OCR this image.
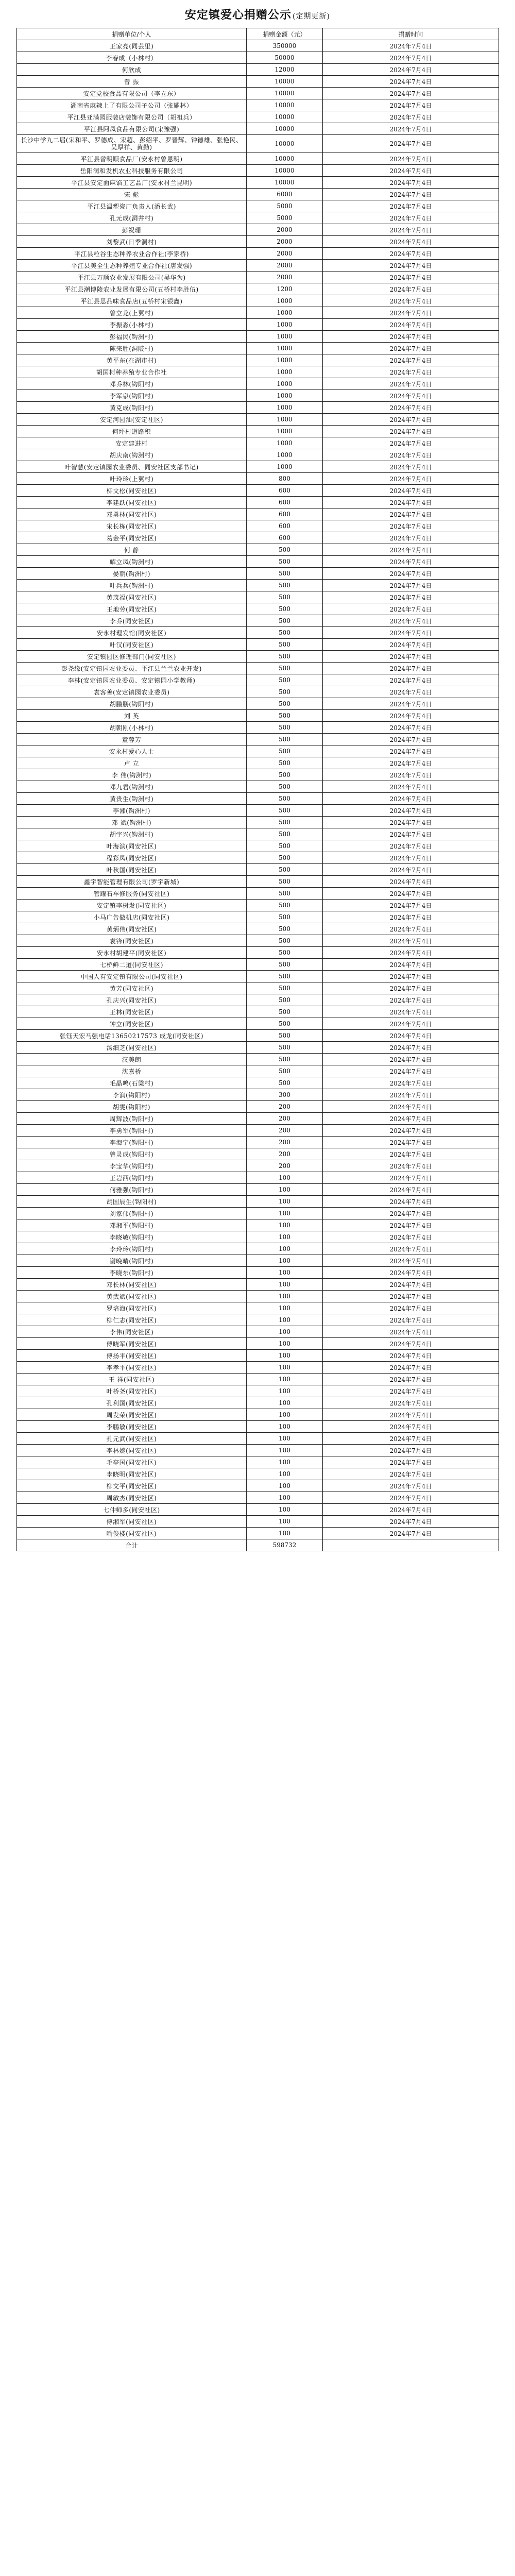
安定镇爱心捐赠公示 (定期更新)
捐赠单位/个人	捐赠金额（元）	捐赠时间
王家亮(同芸里)	350000	2024年7月4日
李春成（小林村）	50000	2024年7月4日
何欣成	12000	2024年7月4日
曾 振	10000	2024年7月4日
安定党校食品有限公司（李立东）	10000	2024年7月4日
湖南省麻辣上了有限公司子公司（张耀林）	10000	2024年7月4日
平江县亚满园服装店装饰有限公司（胡祖兵）	10000	2024年7月4日
平江县阿凤食品有限公司(宋豫强)	10000	2024年7月4日
长沙中学九二届(宋和平、罗德成、宋超、彭绍平、罗晋辉、钟德雄、张艳民、吴厚祥、黄勤)	10000	2024年7月4日
平江县曾明顺食品厂(安永村曾恩明)	10000	2024年7月4日
岳阳润和发机农业科技服务有限公司	10000	2024年7月4日
平江县安定面麻馅工艺品厂(安永村兰昆明)	10000	2024年7月4日
宋 彪	6000	2024年7月4日
平江县温塑瓷厂负责人(潘长武)	5000	2024年7月4日
孔元成(洞井村)	5000	2024年7月4日
彭祝珊	2000	2024年7月4日
刘黎武(日季洞村)	2000	2024年7月4日
平江县粒谷生态种养农业合作社(李家桥)	2000	2024年7月4日
平江县美全生态种养殖专业合作社(唐发强)	2000	2024年7月4日
平江县万顺农业发展有限公司(吴华为)	2000	2024年7月4日
平江县潮博陵农业发展有限公司(五桥村李胜伍)	1200	2024年7月4日
平江县思品味食品店(五桥村宋银鑫)	1000	2024年7月4日
曾立龙(上翼村)	1000	2024年7月4日
李振淼(小林村)	1000	2024年7月4日
彭福民(钩洲村)	1000	2024年7月4日
陈来胜(洞陂村)	1000	2024年7月4日
黄平东(在湖市村)	1000	2024年7月4日
胡国柯种养殖专业合作社	1000	2024年7月4日
邓乔林(钩阳村)	1000	2024年7月4日
李军泉(钩阳村)	1000	2024年7月4日
黄克成(钩阳村)	1000	2024年7月4日
安定河园油(安定社区)	1000	2024年7月4日
何坪村道路积	1000	2024年7月4日
安定建进村	1000	2024年7月4日
胡庆南(钩洲村)	1000	2024年7月4日
叶智慧(安定镇园农业委员、同安社区支部书记)	1000	2024年7月4日
叶玲玲(上翼村)	800	2024年7月4日
柳文松(同安社区)	600	2024年7月4日
李建跃(同安社区)	600	2024年7月4日
邓勇林(同安社区)	600	2024年7月4日
宋长栋(同安社区)	600	2024年7月4日
葛金平(同安社区)	600	2024年7月4日
何 静	500	2024年7月4日
解立凤(钩洲村)	500	2024年7月4日
晏朝(钩洲村)	500	2024年7月4日
叶兵兵(钩洲村)	500	2024年7月4日
黄茂福(同安社区)	500	2024年7月4日
王地劳(同安社区)	500	2024年7月4日
李乔(同安社区)	500	2024年7月4日
安永村理发馆(同安社区)	500	2024年7月4日
叶汉(同安社区)	500	2024年7月4日
安定镇园区修理部门(同安社区)	500	2024年7月4日
彭尧缘(安定镇园农业委员、平江县兰兰农业开发)	500	2024年7月4日
李林(安定镇园农业委员、安定镇园小学教师)	500	2024年7月4日
袁客善(安定镇园农业委员)	500	2024年7月4日
胡鹏鹏(钩阳村)	500	2024年7月4日
刘 英	500	2024年7月4日
胡朝刚(小林村)	500	2024年7月4日
童蓉芳	500	2024年7月4日
安永村爱心人士	500	2024年7月4日
卢 立	500	2024年7月4日
李 伟(钩洲村)	500	2024年7月4日
邓九君(钩洲村)	500	2024年7月4日
黄贵生(钩洲村)	500	2024年7月4日
李湘(钩洲村)	500	2024年7月4日
邓 斌(钩洲村)	500	2024年7月4日
胡宇兴(钩洲村)	500	2024年7月4日
叶海滨(同安社区)	500	2024年7月4日
程彩凤(同安社区)	500	2024年7月4日
叶秋国(同安社区)	500	2024年7月4日
鑫宇智能管理有限公司(罗宇新城)	500	2024年7月4日
管耀石车修服务(同安社区)	500	2024年7月4日
安定镇李树发(同安社区)	500	2024年7月4日
小马广告做机店(同安社区)	500	2024年7月4日
黄炳伟(同安社区)	500	2024年7月4日
袁锋(同安社区)	500	2024年7月4日
安永村胡建平(同安社区)	500	2024年7月4日
七桥鲜二道(同安社区)	500	2024年7月4日
中国人有安定镇有限公司(同安社区)	500	2024年7月4日
黄芳(同安社区)	500	2024年7月4日
孔庆兴(同安社区)	500	2024年7月4日
王林(同安社区)	500	2024年7月4日
钟立(同安社区)	500	2024年7月4日
张钰天宏马强电话13650217573 成龙(同安社区)	500	2024年7月4日
汤细芝(同安社区)	500	2024年7月4日
汉美朗	500	2024年7月4日
沈嘉桥	500	2024年7月4日
毛晶鸣(石梁村)	500	2024年7月4日
李润(钩阳村)	300	2024年7月4日
胡雯(钩阳村)	200	2024年7月4日
周辉波(钩阳村)	200	2024年7月4日
李勇军(钩阳村)	200	2024年7月4日
李海宁(钩阳村)	200	2024年7月4日
曾灵成(钩阳村)	200	2024年7月4日
李宝华(钩阳村)	200	2024年7月4日
王岩西(钩阳村)	100	2024年7月4日
何雅强(钩阳村)	100	2024年7月4日
胡国辰生(钩阳村)	100	2024年7月4日
刘家伟(钩阳村)	100	2024年7月4日
邓湘平(钩阳村)	100	2024年7月4日
李晓敏(钩阳村)	100	2024年7月4日
李玲玲(钩阳村)	100	2024年7月4日
谢晚晴(钩阳村)	100	2024年7月4日
李晓东(钩阳村)	100	2024年7月4日
邓长林(同安社区)	100	2024年7月4日
黄武斌(同安社区)	100	2024年7月4日
罗培海(同安社区)	100	2024年7月4日
柳仁志(同安社区)	100	2024年7月4日
李伟(同安社区)	100	2024年7月4日
傅晓军(同安社区)	100	2024年7月4日
傅扬平(同安社区)	100	2024年7月4日
李孝平(同安社区)	100	2024年7月4日
王 祥(同安社区)	100	2024年7月4日
叶桥尧(同安社区)	100	2024年7月4日
孔利国(同安社区)	100	2024年7月4日
周发荣(同安社区)	100	2024年7月4日
李鹏敏(同安社区)	100	2024年7月4日
孔元武(同安社区)	100	2024年7月4日
李林婉(同安社区)	100	2024年7月4日
毛亭国(同安社区)	100	2024年7月4日
李晓明(同安社区)	100	2024年7月4日
柳文平(同安社区)	100	2024年7月4日
周敏杰(同安社区)	100	2024年7月4日
七仲师多(同安社区)	100	2024年7月4日
傅湘军(同安社区)	100	2024年7月4日
喻俊楼(同安社区)	100	2024年7月4日
合计	598732	
